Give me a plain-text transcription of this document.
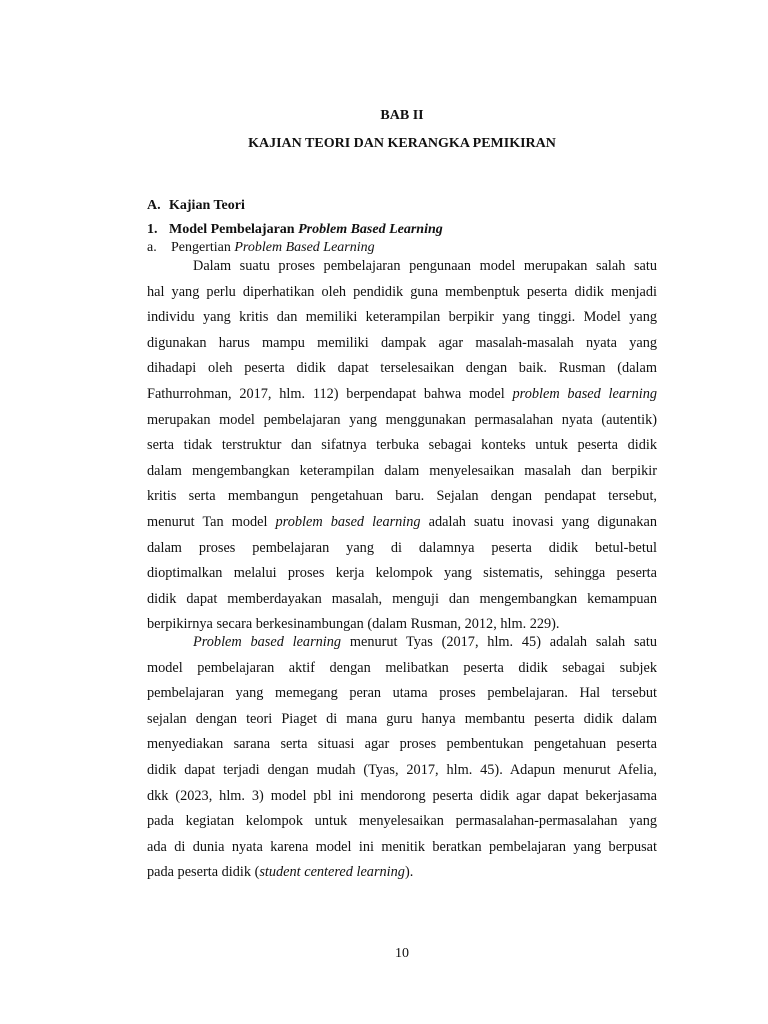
BAB II

KAJIAN TEORI DAN KERANGKA PEMIKIRAN

A. Kajian Teori

1. Model Pembelajaran Problem Based Learning

a. Pengertian Problem Based Learning

Dalam suatu proses pembelajaran pengunaan model merupakan salah satu
hal yang perlu diperhatikan oleh pendidik guna membenptuk peserta didik menjadi
individu yang kritis dan memiliki keterampilan berpikir yang tinggi. Model yang
digunakan harus mampu memiliki dampak agar masalah-masalah nyata yang
dihadapi oleh peserta didik dapat terselesaikan dengan baik. Rusman (dalam
Fathurrohman, 2017, hlm. 112) berpendapat bahwa model problem based learning
merupakan model pembelajaran yang menggunakan permasalahan nyata (autentik)
serta tidak terstruktur dan sifatnya terbuka sebagai konteks untuk peserta didik
dalam mengembangkan keterampilan dalam menyelesaikan masalah dan berpikir
kritis serta membangun pengetahuan baru. Sejalan dengan pendapat tersebut,
menurut Tan model problem based learning adalah suatu inovasi yang digunakan
dalam proses pembelajaran yang di dalamnya peserta didik betul-betul
dioptimalkan melalui proses kerja kelompok yang sistematis, sehingga peserta
didik dapat memberdayakan masalah, menguji dan mengembangkan kemampuan
berpikirnya secara berkesinambungan (dalam Rusman, 2012, hlm. 229).
Problem based learning menurut Tyas (2017, hlm. 45) adalah salah satu
model pembelajaran aktif dengan melibatkan peserta didik sebagai subjek
pembelajaran yang memegang peran utama proses pembelajaran. Hal tersebut
sejalan dengan teori Piaget di mana guru hanya membantu peserta didik dalam
menyediakan sarana serta situasi agar proses pembentukan pengetahuan peserta
didik dapat terjadi dengan mudah (Tyas, 2017, hlm. 45). Adapun menurut Afelia,
dkk (2023, hlm. 3) model pbl ini mendorong peserta didik agar dapat bekerjasama
pada kegiatan kelompok untuk menyelesaikan permasalahan-permasalahan yang
ada di dunia nyata karena model ini menitik beratkan pembelajaran yang berpusat
pada peserta didik (student centered learning).

10
